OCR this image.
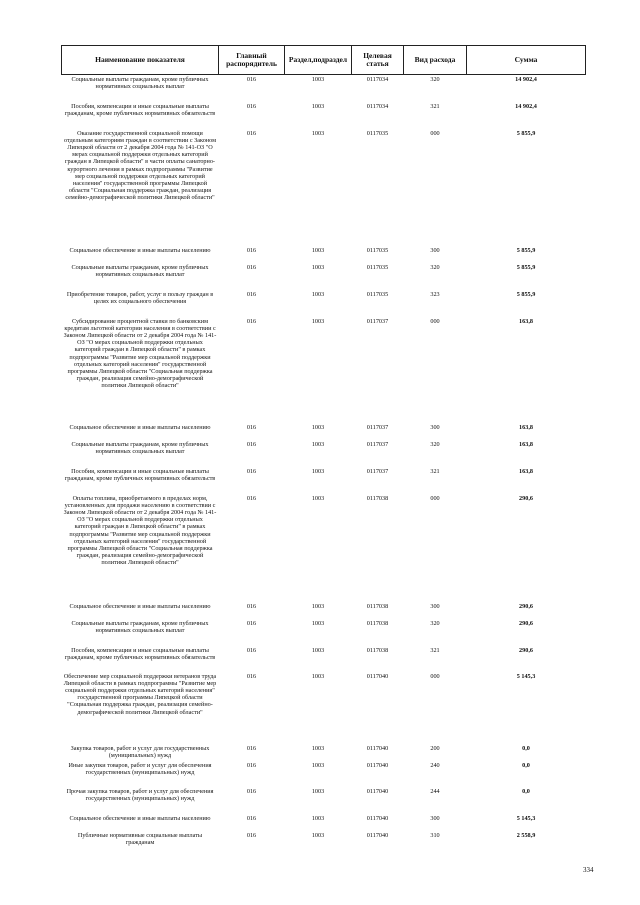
Наименование показателя	Главный распорядитель	Раздел,подраздел	Целевая статья	Вид расхода	Сумма
Социальные выплаты гражданам, кроме публичных нормативных социальных выплат	016	1003	0117034	320	14 902,4
Пособия, компенсации и иные социальные выплаты гражданам, кроме публичных нормативных обязательств	016	1003	0117034	321	14 902,4
Оказание государственной социальной помощи отдельным категориям граждан в соответствии с Законом Липецкой области от 2 декабря 2004 года № 141-ОЗ "О мерах социальной поддержки отдельных категорий граждан в Липецкой области" в части оплаты санаторно-курортного лечения в рамках подпрограммы "Развитие мер социальной поддержки отдельных категорий населения" государственной программы Липецкой области "Социальная поддержка граждан, реализация семейно-демографической политики Липецкой области"	016	1003	0117035	000	5 855,9
Социальное обеспечение и иные выплаты населению	016	1003	0117035	300	5 855,9
Социальные выплаты гражданам, кроме публичных нормативных социальных выплат	016	1003	0117035	320	5 855,9
Приобретение товаров, работ, услуг в пользу граждан в целях их социального обеспечения	016	1003	0117035	323	5 855,9
Субсидирование процентной ставки по банковским кредитам льготной категории населения в соответствии с Законом Липецкой области от 2 декабря 2004 года № 141-ОЗ "О мерах социальной поддержки отдельных категорий граждан в Липецкой области" в рамках подпрограммы "Развитие мер социальной поддержки отдельных категорий населения" государственной программы Липецкой области "Социальная поддержка граждан, реализация семейно-демографической политики Липецкой области"	016	1003	0117037	000	163,8
Социальное обеспечение и иные выплаты населению	016	1003	0117037	300	163,8
Социальные выплаты гражданам, кроме публичных нормативных социальных выплат	016	1003	0117037	320	163,8
Пособия, компенсации и иные социальные выплаты гражданам, кроме публичных нормативных обязательств	016	1003	0117037	321	163,8
Оплаты топлива, приобретаемого в пределах норм, установленных для продажи населению в соответствии с Законом Липецкой области от 2 декабря 2004 года № 141-ОЗ "О мерах социальной поддержки отдельных категорий граждан в Липецкой области" в рамках подпрограммы "Развитие мер социальной поддержки отдельных категорий населения" государственной программы Липецкой области "Социальная поддержка граждан, реализация семейно-демографической политики Липецкой области"	016	1003	0117038	000	290,6
Социальное обеспечение и иные выплаты населению	016	1003	0117038	300	290,6
Социальные выплаты гражданам, кроме публичных нормативных социальных выплат	016	1003	0117038	320	290,6
Пособия, компенсации и иные социальные выплаты гражданам, кроме публичных нормативных обязательств	016	1003	0117038	321	290,6
Обеспечение мер социальной поддержки ветеранов труда Липецкой области в рамках подпрограммы "Развитие мер социальной поддержки отдельных категорий населения" государственной программы Липецкой области "Социальная поддержка граждан, реализация семейно-демографической политики Липецкой области"	016	1003	0117040	000	5 145,3
Закупка товаров, работ и услуг для государственных (муниципальных) нужд	016	1003	0117040	200	0,0
Иные закупки товаров, работ и услуг для обеспечения государственных (муниципальных) нужд	016	1003	0117040	240	0,0
Прочая закупка товаров, работ и услуг для обеспечения государственных (муниципальных) нужд	016	1003	0117040	244	0,0
Социальное обеспечение и иные выплаты населению	016	1003	0117040	300	5 145,3
Публичные нормативные социальные выплаты гражданам	016	1003	0117040	310	2 558,9
334
